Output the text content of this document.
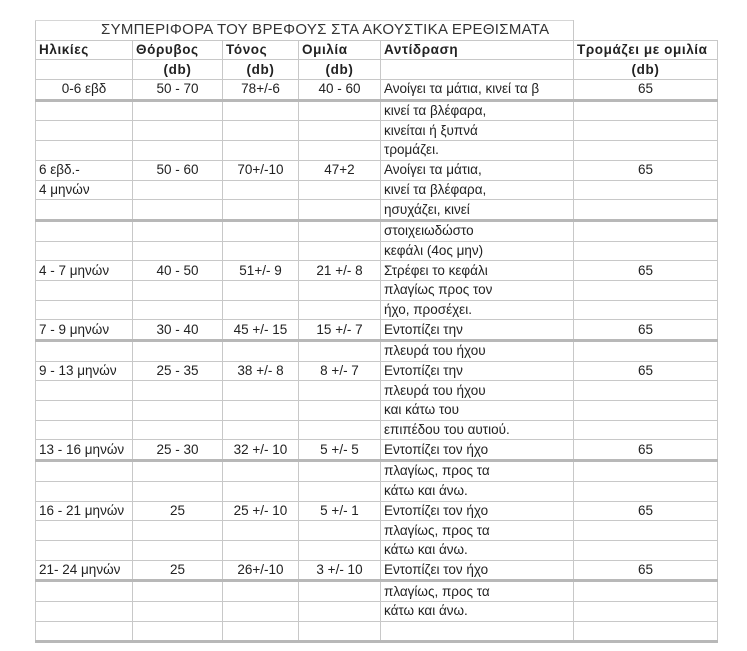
ΣΥΜΠΕΡΙΦΟΡΑ ΤΟΥ ΒΡΕΦΟΥΣ ΣΤΑ ΑΚΟΥΣΤΙΚΑ ΕΡΕΘΙΣΜΑΤΑ					
Ηλικίες	Θόρυβος	Τόνος	Ομιλία	Αντίδραση	Τρομάζει με ομιλία
	(db)	(db)	(db)		(db)
0-6 εβδ	50 - 70	78+/-6	40 - 60	Ανοίγει τα μάτια, κινεί τα β	65
				κινεί τα βλέφαρα,	
				κινείται ή ξυπνά	
				τρομάζει.	
6 εβδ.-	50 - 60	70+/-10	47+2	Ανοίγει τα μάτια,	65
4 μηνών				κινεί τα βλέφαρα,	
				ησυχάζει, κινεί	
				στοιχειωδώστο	
				κεφάλι (4ος μην)	
4 - 7 μηνών	40 - 50	51+/- 9	21 +/- 8	Στρέφει το κεφάλι	65
				πλαγίως προς τον	
				ήχο, προσέχει.	
7 - 9 μηνών	30 - 40	45 +/- 15	15 +/- 7	Εντοπίζει την	65
				πλευρά του ήχου	
9 - 13 μηνών	25 - 35	38 +/- 8	8 +/- 7	Εντοπίζει την	65
				πλευρά του ήχου	
				και κάτω του	
				επιπέδου του αυτιού.	
13 - 16 μηνών	25 - 30	32 +/- 10	5 +/- 5	Εντοπίζει τον ήχο	65
				πλαγίως, προς τα	
				κάτω και άνω.	
16 - 21 μηνών	25	25 +/- 10	5 +/- 1	Εντοπίζει τον ήχο	65
				πλαγίως, προς τα	
				κάτω και άνω.	
21- 24 μηνών	25	26+/-10	3 +/- 10	Εντοπίζει τον ήχο	65
				πλαγίως, προς τα	
				κάτω και άνω.	
